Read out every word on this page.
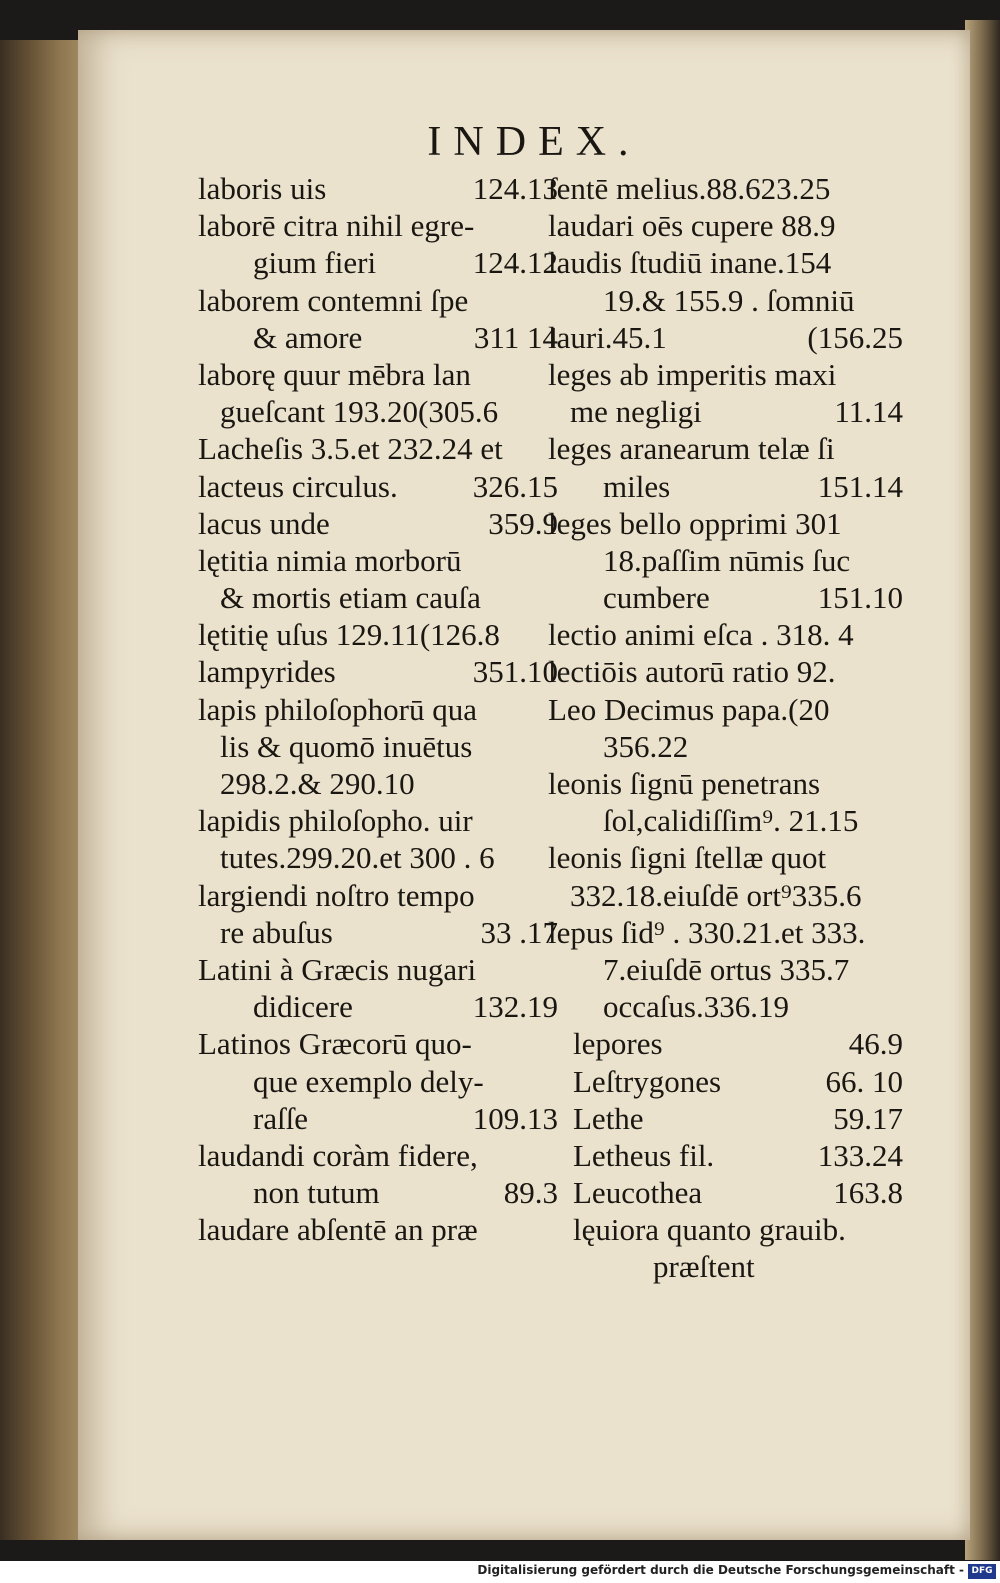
INDEX.
laboris uis	124.13
laborē citra nihil egre-
gium fieri	124.12
laborem contemni ſpe
& amore	311 14
laborę quur mēbra lan
gueſcant 193.20(305.6
Lacheſis 3.5.et 232.24 et
lacteus circulus. 326.15
lacus unde	359.9
lętitia nimia morborū
& mortis etiam cauſa
lętitię uſus 129.11(126.8
lampyrides	351.10
lapis philoſophorū qua
lis & quomō inuētus
298.2.& 290.10
lapidis philoſopho. uir
tutes.299.20.et 300 . 6
largiendi noſtro tempo
re abuſus	33 .17
Latini à Græcis nugari
didicere	132.19
Latinos Græcorū quo-
que exemplo dely-
raſſe	109.13
laudandi coràm fidere,
non tutum	89.3
laudare abſentē an præ
ſentē melius.88.623.25
laudari oēs cupere 88.9
laudis ſtudiū inane.154
19.& 155.9 . ſomniū
lauri.45.1	(156.25
leges ab imperitis maxi
me negligi	11.14
leges aranearum telæ ſi
miles	151.14
leges bello opprimi 301
18.paſſim nūmis ſuc
cumbere	151.10
lectio animi eſca . 318. 4
lectiōis autorū ratio 92.
Leo Decimus papa.(20
356.22
leonis ſignū penetrans
ſol,calidiſſim⁹. 21.15
leonis ſigni ſtellæ quot
332.18.eiuſdē ort⁹335.6
lepus ſid⁹ . 330.21.et 333.
7.eiuſdē ortus 335.7
occaſus.336.19
lepores	46.9
Leſtrygones	66. 10
Lethe	59.17
Letheus fil.	133.24
Leucothea	163.8
lęuiora quanto grauib.
præſtent
Digitalisierung gefördert durch die Deutsche Forschungsgemeinschaft - DFG
